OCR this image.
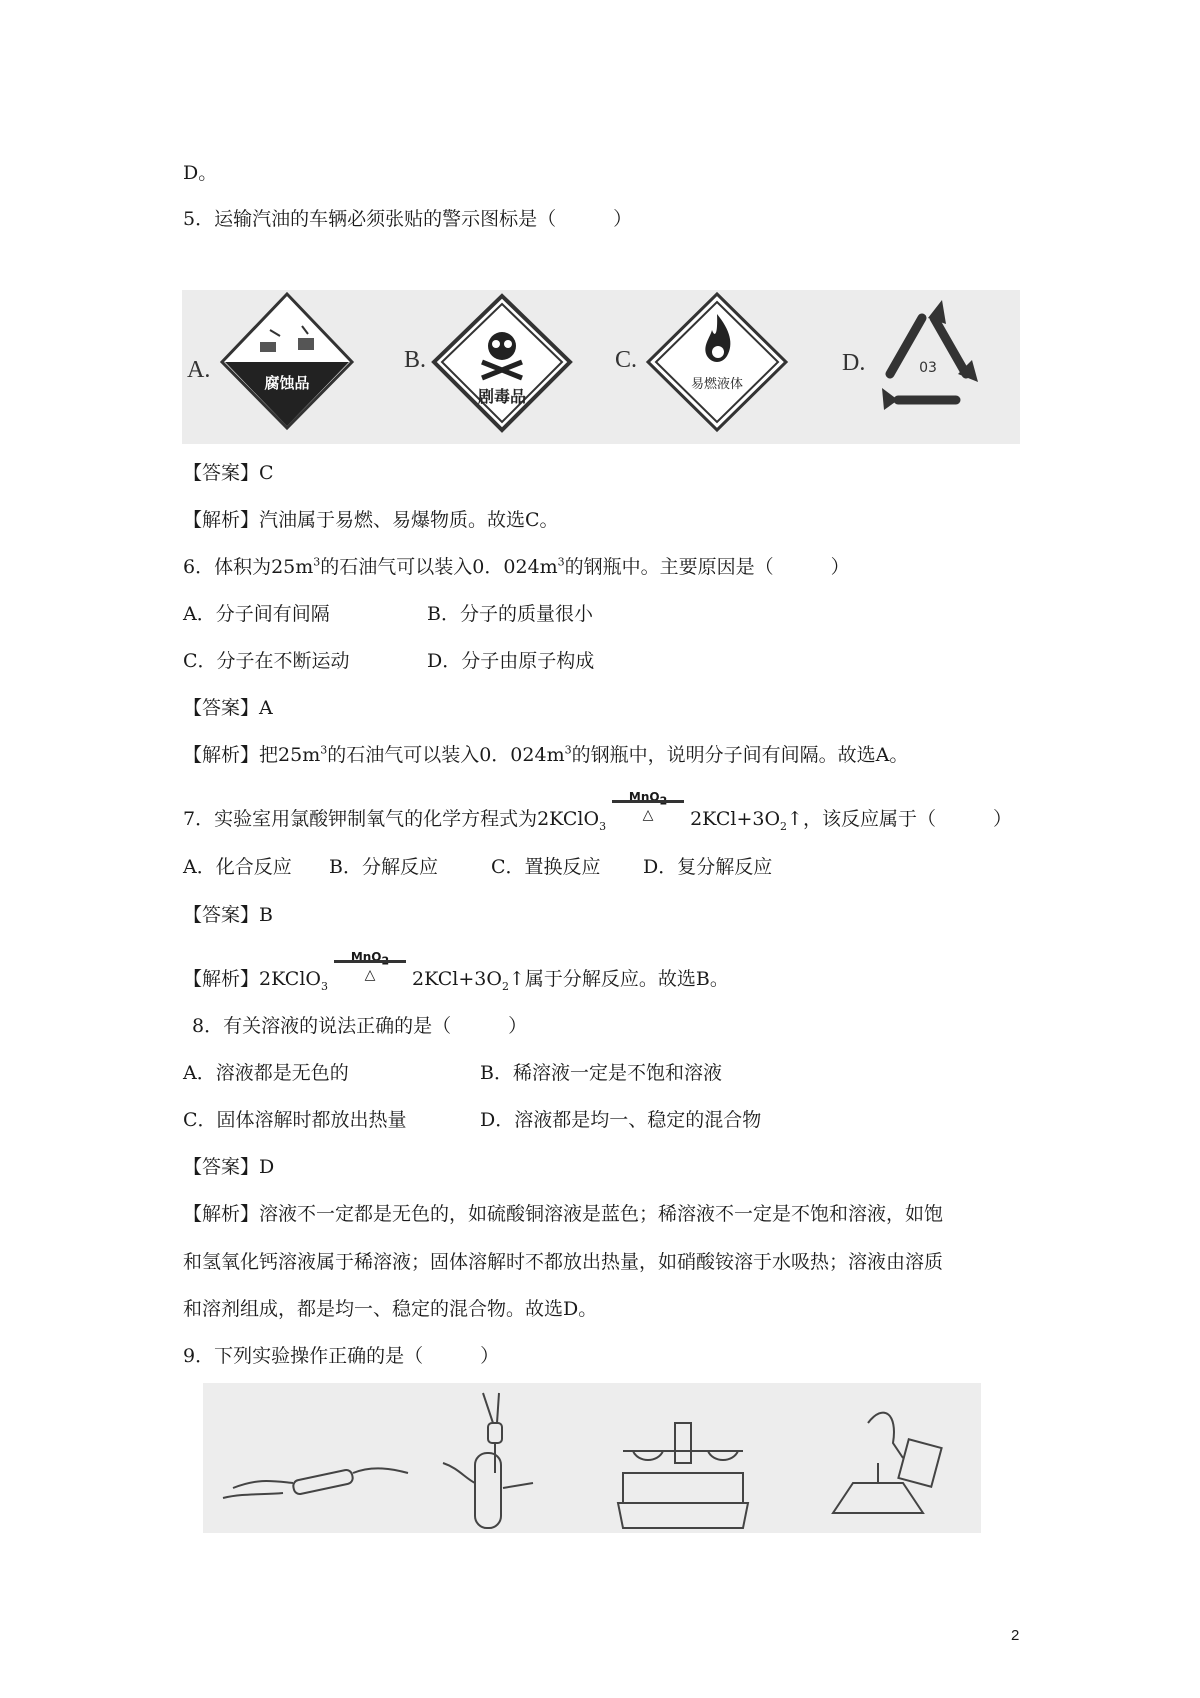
D。
5．运输汽油的车辆必须张贴的警示图标是（　　　）
A.	B.	C.	D.
腐蚀品
剧毒品
易燃液体
03
【答案】C
【解析】汽油属于易燃、易爆物质。故选C。
6．体积为$25m^3$的石油气可以装入0．$024m^3$的钢瓶中。主要原因是（　　　）
A．分子间有间隔	B．分子的质量很小
C．分子在不断运动	D．分子由原子构成
【答案】A
【解析】把$25m^3$的石油气可以装入0．$024m^3$的钢瓶中，说明分子间有间隔。故选A。
7．实验室用氯酸钾制氧气的化学方程式为2KClO$_3$
MnO$_2$
△	$2KCl+3O_2↑$，该反应属于（　　　）
A．化合反应 B．分解反应	C．置换反应 D．复分解反应
【答案】B
【解析】2KClO$_3$
MnO$_2$
△	$2KCl+3O_2↑$属于分解反应。故选B。
8．有关溶液的说法正确的是（　　　）
A．溶液都是无色的	B．稀溶液一定是不饱和溶液
C．固体溶解时都放出热量	D．溶液都是均一、稳定的混合物
【答案】D
【解析】溶液不一定都是无色的，如硫酸铜溶液是蓝色；稀溶液不一定是不饱和溶液，如饱
和氢氧化钙溶液属于稀溶液；固体溶解时不都放出热量，如硝酸铵溶于水吸热；溶液由溶质
和溶剂组成，都是均一、稳定的混合物。故选D。
9．下列实验操作正确的是（　　　）
2
